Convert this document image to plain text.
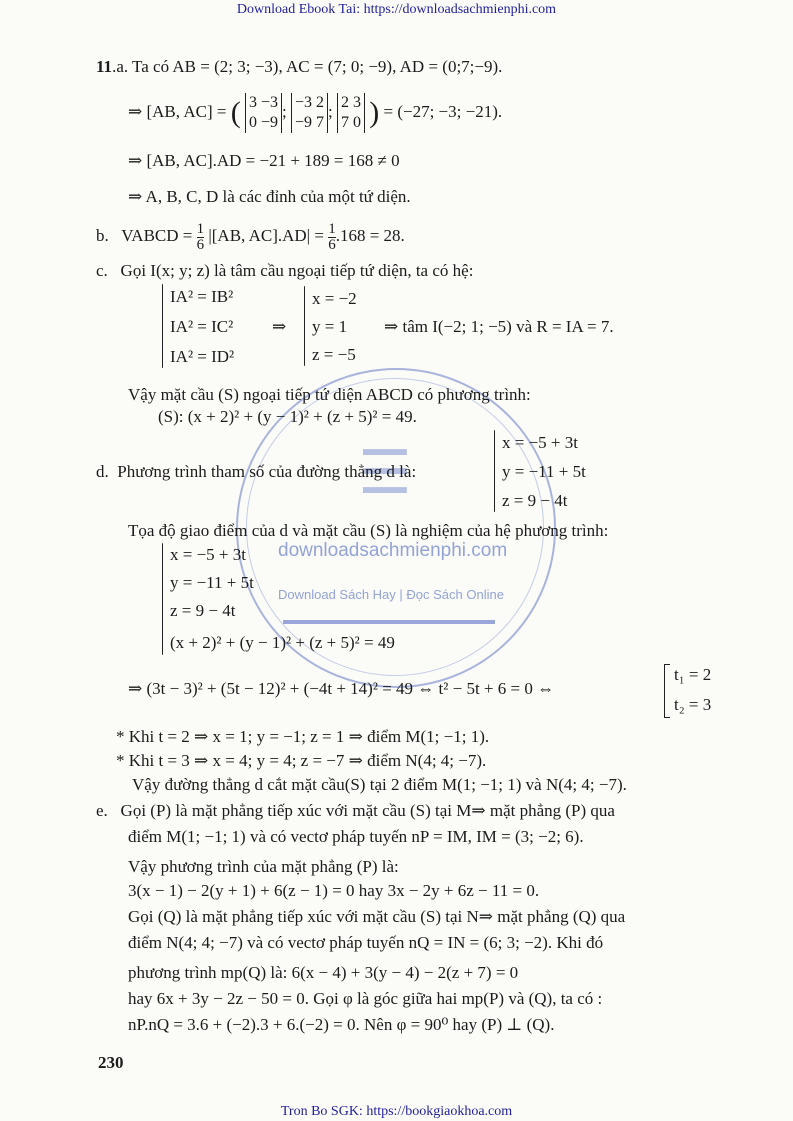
Download Ebook Tai: https://downloadsachmienphi.com
☰
downloadsachmienphi.com
Download Sách Hay | Đọc Sách Online
11.a. Ta có AB = (2; 3; −3), AC = (7; 0; −9), AD = (0;7;−9).
⇒ [AB, AC] = ( 3 −3
0 −9
; −3 2
−9 7
; 2 3
7 0 ) = (−27; −3; −21).
⇒ [AB, AC].AD = −21 + 189 = 168 ≠ 0
⇒ A, B, C, D là các đỉnh của một tứ diện.
b. VABCD = $\frac{1}{6} |[AB$, $AC].AD| = \frac{1}{6} .168 = 28$.
c. Gọi I(x; y; z) là tâm cầu ngoại tiếp tứ diện, ta có hệ:
IA² = IB²
IA² = IC²
IA² = ID²
⇒
x = −2
y = 1
z = −5
⇒ tâm I(−2; 1; −5) và R = IA = 7.
Vậy mặt cầu (S) ngoại tiếp tứ diện ABCD có phương trình:
(S): (x + 2)² + (y − 1)² + (z + 5)² = 49.
x = −5 + 3t
d. Phương trình tham số của đường thẳng d là:	y = −11 + 5t
z = 9 − 4t
Tọa độ giao điểm của d và mặt cầu (S) là nghiệm của hệ phương trình:
x = −5 + 3t
y = −11 + 5t
z = 9 − 4t
(x + 2)² + (y − 1)² + (z + 5)² = 49
⇒ (3t − 3)² + (5t − 12)² + (−4t + 14)² = 49 ⇔ t² − 5t + 6 = 0 ⇔
t₁ = 2
t₂ = 3
* Khi t = 2 ⇒ x = 1; y = −1; z = 1 ⇒ điểm M(1; −1; 1).
* Khi t = 3 ⇒ x = 4; y = 4; z = −7 ⇒ điểm N(4; 4; −7).
Vậy đường thẳng d cắt mặt cầu(S) tại 2 điểm M(1; −1; 1) và N(4; 4; −7).
e. Gọi (P) là mặt phẳng tiếp xúc với mặt cầu (S) tại M⇒ mặt phẳng (P) qua
điểm M(1; −1; 1) và có vectơ pháp tuyến nP = IM, IM = (3; −2; 6).
Vậy phương trình của mặt phẳng (P) là:
3(x − 1) − 2(y + 1) + 6(z − 1) = 0 hay 3x − 2y + 6z − 11 = 0.
Gọi (Q) là mặt phẳng tiếp xúc với mặt cầu (S) tại N⇒ mặt phẳng (Q) qua
điểm N(4; 4; −7) và có vectơ pháp tuyến nQ = IN = (6; 3; −2). Khi đó
phương trình mp(Q) là: 6(x − 4) + 3(y − 4) − 2(z + 7) = 0
hay 6x + 3y − 2z − 50 = 0. Gọi φ là góc giữa hai mp(P) và (Q), ta có :
nP.nQ = 3.6 + (−2).3 + 6.(−2) = 0. Nên φ = 90⁰ hay (P) ⊥ (Q).
230
Tron Bo SGK: https://bookgiaokhoa.com
